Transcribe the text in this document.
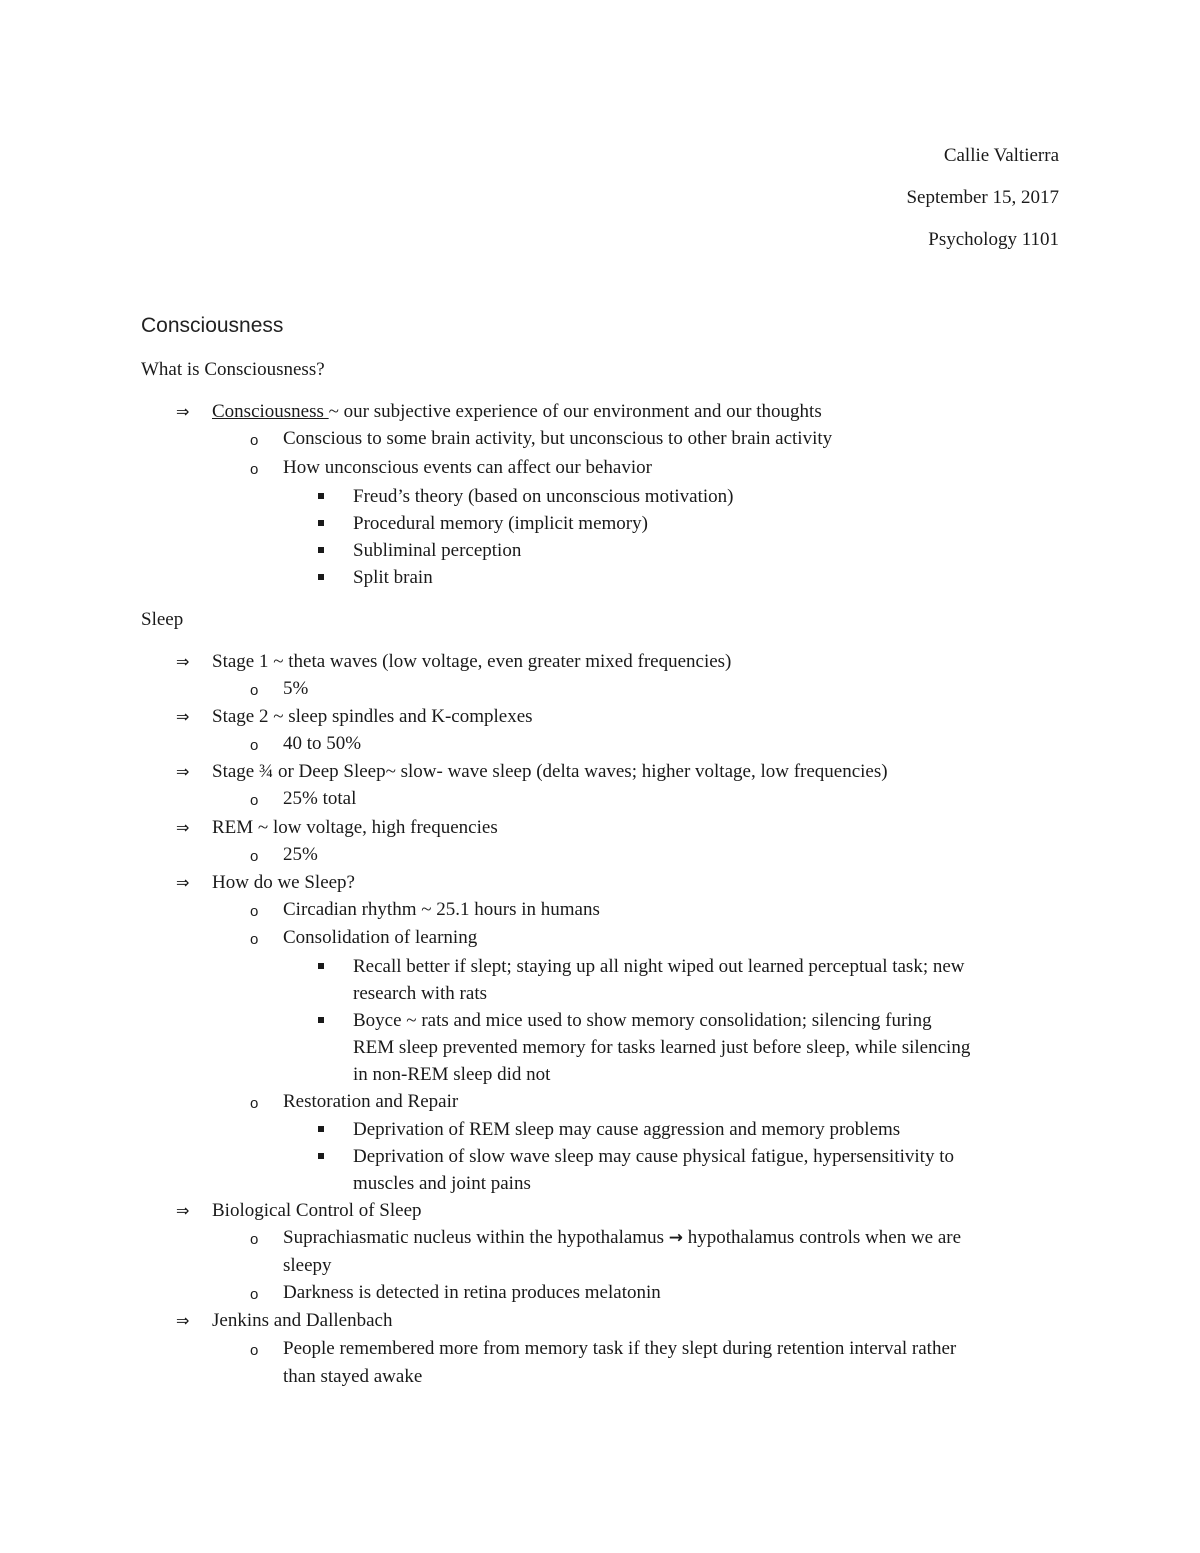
Callie Valtierra
September 15, 2017
Psychology 1101
Consciousness
What is Consciousness?
⇒ Consciousness ~ our subjective experience of our environment and our thoughts
o Conscious to some brain activity, but unconscious to other brain activity
o How unconscious events can affect our behavior
Freud’s theory (based on unconscious motivation)
Procedural memory (implicit memory)
Subliminal perception
Split brain
Sleep
⇒ Stage 1 ~ theta waves (low voltage, even greater mixed frequencies)
o 5%
⇒ Stage 2 ~ sleep spindles and K-complexes
o 40 to 50%
⇒ Stage ¾ or Deep Sleep~ slow- wave sleep (delta waves; higher voltage, low frequencies)
o 25% total
⇒ REM ~ low voltage, high frequencies
o 25%
⇒ How do we Sleep?
o Circadian rhythm ~ 25.1 hours in humans
o Consolidation of learning
Recall better if slept; staying up all night wiped out learned perceptual task; new
research with rats
Boyce ~ rats and mice used to show memory consolidation; silencing furing
REM sleep prevented memory for tasks learned just before sleep, while silencing
in non-REM sleep did not
o Restoration and Repair
Deprivation of REM sleep may cause aggression and memory problems
Deprivation of slow wave sleep may cause physical fatigue, hypersensitivity to
muscles and joint pains
⇒ Biological Control of Sleep
o Suprachiasmatic nucleus within the hypothalamus → hypothalamus controls when we are
sleepy
o Darkness is detected in retina produces melatonin
⇒ Jenkins and Dallenbach
o People remembered more from memory task if they slept during retention interval rather
than stayed awake
